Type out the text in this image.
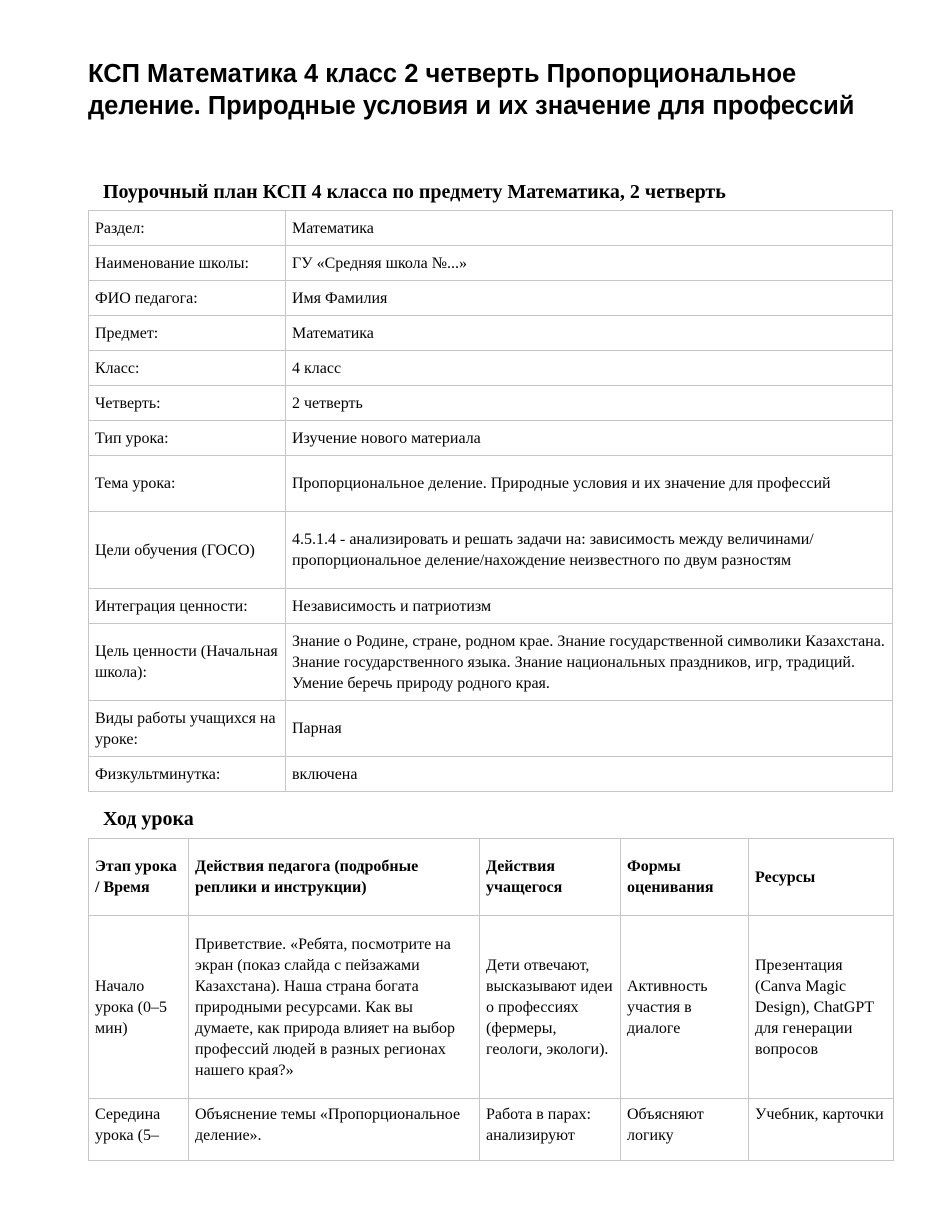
КСП Математика 4 класс 2 четверть Пропорциональное деление. Природные условия и их значение для профессий
Поурочный план КСП 4 класса по предмету Математика, 2 четверть
Раздел:	Математика
Наименование школы:	ГУ «Средняя школа №...»
ФИО педагога:	Имя Фамилия
Предмет:	Математика
Класс:	4 класс
Четверть:	2 четверть
Тип урока:	Изучение нового материала
Тема урока:	Пропорциональное деление. Природные условия и их значение для профессий
Цели обучения (ГОСО)	4.5.1.4 - анализировать и решать задачи на: зависимость между величинами/ пропорциональное деление/нахождение неизвестного по двум разностям
Интеграция ценности:	Независимость и патриотизм
Цель ценности (Начальная школа):	Знание о Родине, стране, родном крае. Знание государственной символики Казахстана. Знание государственного языка. Знание национальных праздников, игр, традиций. Умение беречь природу родного края.
Виды работы учащихся на уроке:	Парная
Физкультминутка:	включена
Ход урока
Этап урока / Время	Действия педагога (подробные реплики и инструкции)	Действия учащегося	Формы оценивания	Ресурсы
Начало урока (0–5 мин)	Приветствие. «Ребята, посмотрите на экран (показ слайда с пейзажами Казахстана). Наша страна богата природными ресурсами. Как вы думаете, как природа влияет на выбор профессий людей в разных регионах нашего края?»	Дети отвечают, высказывают идеи о профессиях (фермеры, геологи, экологи).	Активность участия в диалоге	Презентация (Canva Magic Design), ChatGPT для генерации вопросов
Середина урока (5–	Объяснение темы «Пропорциональное деление».	Работа в парах: анализируют	Объясняют логику	Учебник, карточки
